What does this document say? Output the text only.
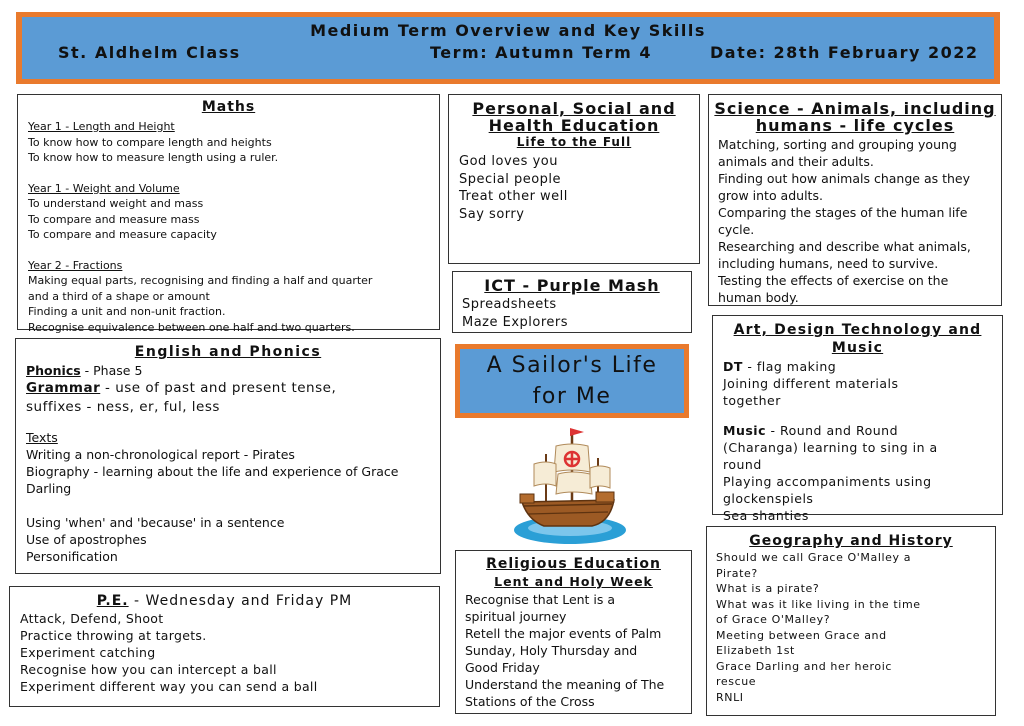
Medium Term Overview and Key Skills
St. Aldhelm Class	Term: Autumn Term 4	Date: 28th February 2022
Maths
Year 1 - Length and Height
To know how to compare length and heights
To know how to measure length using a ruler.
Year 1 - Weight and Volume
To understand weight and mass
To compare and measure mass
To compare and measure capacity
Year 2 - Fractions
Making equal parts, recognising and finding a half and quarter
and a third of a shape or amount
Finding a unit and non-unit fraction.
Recognise equivalence between one half and two quarters.
Personal, Social and
Health Education
Life to the Full
God loves you
Special people
Treat other well
Say sorry
Science - Animals, including
humans - life cycles
Matching, sorting and grouping young
animals and their adults.
Finding out how animals change as they
grow into adults.
Comparing the stages of the human life
cycle.
Researching and describe what animals,
including humans, need to survive.
Testing the effects of exercise on the
human body.
ICT - Purple Mash
Spreadsheets
Maze Explorers
English and Phonics
Phonics - Phase 5
Grammar - use of past and present tense,
suffixes - ness, er, ful, less
Texts
Writing a non-chronological report - Pirates
Biography - learning about the life and experience of Grace
Darling
Using 'when' and 'because' in a sentence
Use of apostrophes
Personification
A Sailor's Life
for Me
Art, Design Technology and
Music
DT - flag making
Joining different materials
together
Music - Round and Round
(Charanga) learning to sing in a
round
Playing accompaniments using
glockenspiels
Sea shanties
P.E. - Wednesday and Friday PM
Attack, Defend, Shoot
Practice throwing at targets.
Experiment catching
Recognise how you can intercept a ball
Experiment different way you can send a ball
Religious Education
Lent and Holy Week
Recognise that Lent is a
spiritual journey
Retell the major events of Palm
Sunday, Holy Thursday and
Good Friday
Understand the meaning of The
Stations of the Cross
Geography and History
Should we call Grace O'Malley a
Pirate?
What is a pirate?
What was it like living in the time
of Grace O'Malley?
Meeting between Grace and
Elizabeth 1st
Grace Darling and her heroic
rescue
RNLI
